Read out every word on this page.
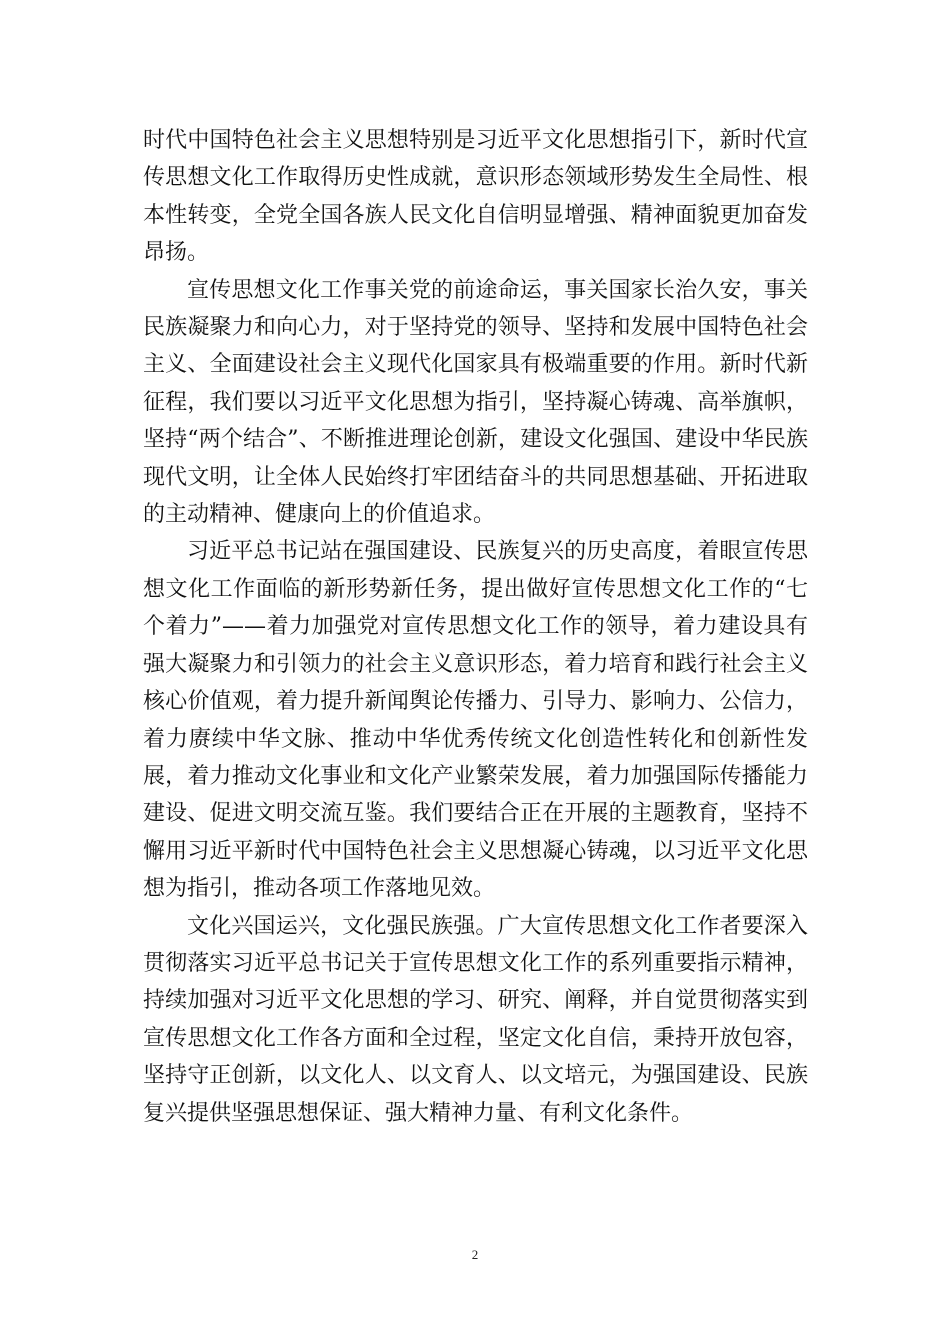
时代中国特色社会主义思想特别是习近平文化思想指引下，新时代宣传思想文化工作取得历史性成就，意识形态领域形势发生全局性、根本性转变，全党全国各族人民文化自信明显增强、精神面貌更加奋发昂扬。

宣传思想文化工作事关党的前途命运，事关国家长治久安，事关民族凝聚力和向心力，对于坚持党的领导、坚持和发展中国特色社会主义、全面建设社会主义现代化国家具有极端重要的作用。新时代新征程，我们要以习近平文化思想为指引，坚持凝心铸魂、高举旗帜，坚持“两个结合”、不断推进理论创新，建设文化强国、建设中华民族现代文明，让全体人民始终打牢团结奋斗的共同思想基础、开拓进取的主动精神、健康向上的价值追求。

习近平总书记站在强国建设、民族复兴的历史高度，着眼宣传思想文化工作面临的新形势新任务，提出做好宣传思想文化工作的“七个着力”——着力加强党对宣传思想文化工作的领导，着力建设具有强大凝聚力和引领力的社会主义意识形态，着力培育和践行社会主义核心价值观，着力提升新闻舆论传播力、引导力、影响力、公信力，着力赓续中华文脉、推动中华优秀传统文化创造性转化和创新性发展，着力推动文化事业和文化产业繁荣发展，着力加强国际传播能力建设、促进文明交流互鉴。我们要结合正在开展的主题教育，坚持不懈用习近平新时代中国特色社会主义思想凝心铸魂，以习近平文化思想为指引，推动各项工作落地见效。

文化兴国运兴，文化强民族强。广大宣传思想文化工作者要深入贯彻落实习近平总书记关于宣传思想文化工作的系列重要指示精神，持续加强对习近平文化思想的学习、研究、阐释，并自觉贯彻落实到宣传思想文化工作各方面和全过程，坚定文化自信，秉持开放包容，坚持守正创新，以文化人、以文育人、以文培元，为强国建设、民族复兴提供坚强思想保证、强大精神力量、有利文化条件。

2
